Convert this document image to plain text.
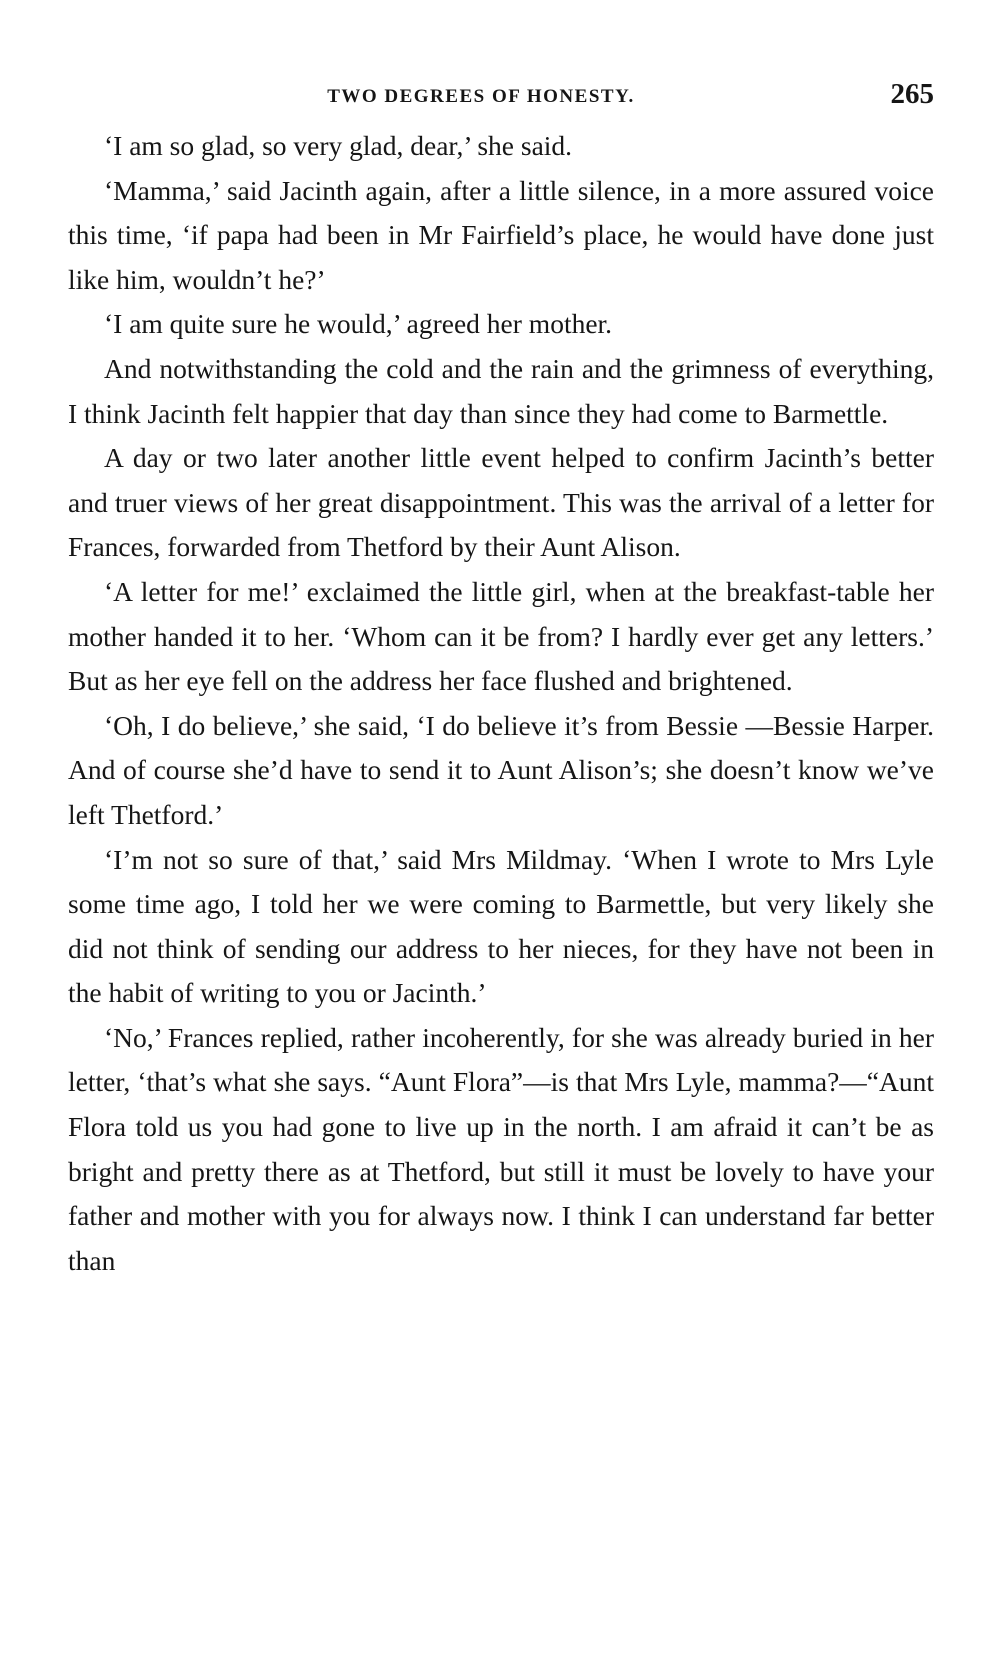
TWO DEGREES OF HONESTY.	265

‘I am so glad, so very glad, dear,’ she said.

‘Mamma,’ said Jacinth again, after a little silence, in a more assured voice this time, ‘if papa had been in Mr Fairfield’s place, he would have done just like him, wouldn’t he?’

‘I am quite sure he would,’ agreed her mother.

And notwithstanding the cold and the rain and the grimness of everything, I think Jacinth felt happier that day than since they had come to Barmettle.

A day or two later another little event helped to confirm Jacinth’s better and truer views of her great disappointment. This was the arrival of a letter for Frances, forwarded from Thetford by their Aunt Alison.

‘A letter for me!’ exclaimed the little girl, when at the breakfast-table her mother handed it to her. ‘Whom can it be from? I hardly ever get any letters.’ But as her eye fell on the address her face flushed and brightened.

‘Oh, I do believe,’ she said, ‘I do believe it’s from Bessie —Bessie Harper. And of course she’d have to send it to Aunt Alison’s; she doesn’t know we’ve left Thetford.’

‘I’m not so sure of that,’ said Mrs Mildmay. ‘When I wrote to Mrs Lyle some time ago, I told her we were coming to Barmettle, but very likely she did not think of sending our address to her nieces, for they have not been in the habit of writing to you or Jacinth.’

‘No,’ Frances replied, rather incoherently, for she was already buried in her letter, ‘that’s what she says. “Aunt Flora”—is that Mrs Lyle, mamma?—“Aunt Flora told us you had gone to live up in the north. I am afraid it can’t be as bright and pretty there as at Thetford, but still it must be lovely to have your father and mother with you for always now. I think I can understand far better than
